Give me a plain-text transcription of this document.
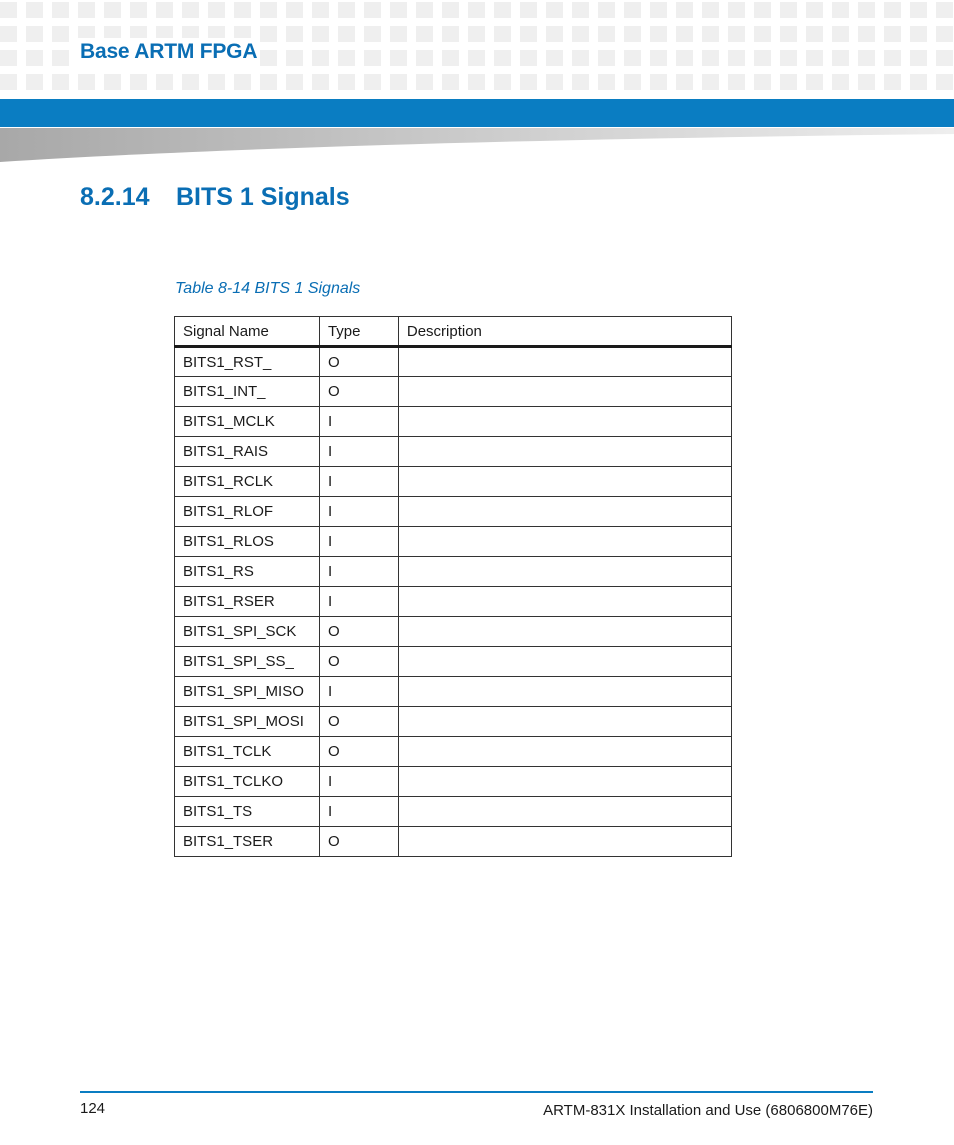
Base ARTM FPGA
8.2.14 BITS 1 Signals
Table 8-14 BITS 1 Signals
Signal Name	Type	Description
BITS1_RST_	O	
BITS1_INT_	O	
BITS1_MCLK	I	
BITS1_RAIS	I	
BITS1_RCLK	I	
BITS1_RLOF	I	
BITS1_RLOS	I	
BITS1_RS	I	
BITS1_RSER	I	
BITS1_SPI_SCK	O	
BITS1_SPI_SS_	O	
BITS1_SPI_MISO	I	
BITS1_SPI_MOSI	O	
BITS1_TCLK	O	
BITS1_TCLKO	I	
BITS1_TS	I	
BITS1_TSER	O	
124	ARTM-831X Installation and Use (6806800M76E)
